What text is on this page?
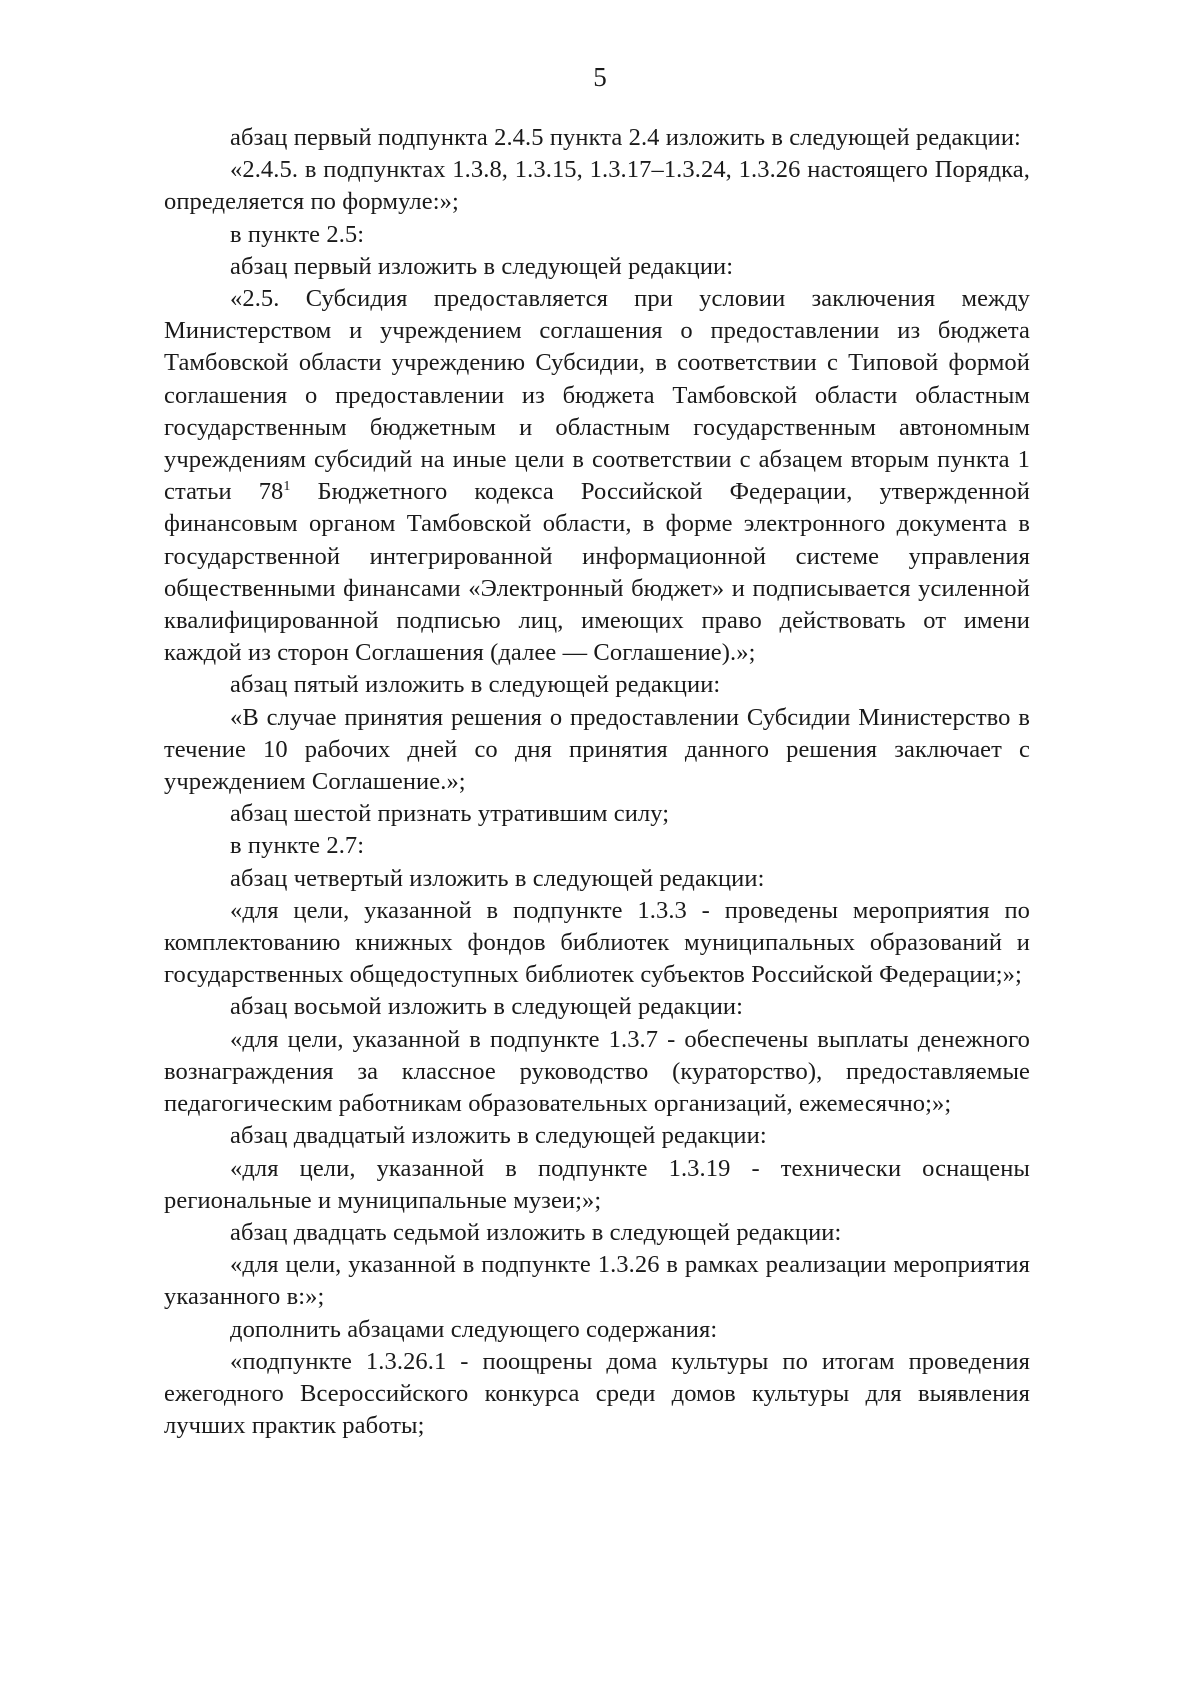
5

абзац первый подпункта 2.4.5 пункта 2.4 изложить в следующей редакции:

«2.4.5. в подпунктах 1.3.8, 1.3.15, 1.3.17–1.3.24, 1.3.26 настоящего Порядка, определяется по формуле:»;

в пункте 2.5:

абзац первый изложить в следующей редакции:

«2.5. Субсидия предоставляется при условии заключения между Министерством и учреждением соглашения о предоставлении из бюджета Тамбовской области учреждению Субсидии, в соответствии с Типовой формой соглашения о предоставлении из бюджета Тамбовской области областным государственным бюджетным и областным государственным автономным учреждениям субсидий на иные цели в соответствии с абзацем вторым пункта 1 статьи $78^1$ Бюджетного кодекса Российской Федерации, утвержденной финансовым органом Тамбовской области, в форме электронного документа в государственной интегрированной информационной системе управления общественными финансами «Электронный бюджет» и подписывается усиленной квалифицированной подписью лиц, имеющих право действовать от имени каждой из сторон Соглашения (далее — Соглашение).»;

абзац пятый изложить в следующей редакции:

«В случае принятия решения о предоставлении Субсидии Министерство в течение 10 рабочих дней со дня принятия данного решения заключает с учреждением Соглашение.»;

абзац шестой признать утратившим силу;

в пункте 2.7:

абзац четвертый изложить в следующей редакции:

«для цели, указанной в подпункте 1.3.3 - проведены мероприятия по комплектованию книжных фондов библиотек муниципальных образований и государственных общедоступных библиотек субъектов Российской Федерации;»;

абзац восьмой изложить в следующей редакции:

«для цели, указанной в подпункте 1.3.7 - обеспечены выплаты денежного вознаграждения за классное руководство (кураторство), предоставляемые педагогическим работникам образовательных организаций, ежемесячно;»;

абзац двадцатый изложить в следующей редакции:

«для цели, указанной в подпункте 1.3.19 - технически оснащены региональные и муниципальные музеи;»;

абзац двадцать седьмой изложить в следующей редакции:

«для цели, указанной в подпункте 1.3.26 в рамках реализации мероприятия указанного в:»;

дополнить абзацами следующего содержания:

«подпункте 1.3.26.1 - поощрены дома культуры по итогам проведения ежегодного Всероссийского конкурса среди домов культуры для выявления лучших практик работы;
